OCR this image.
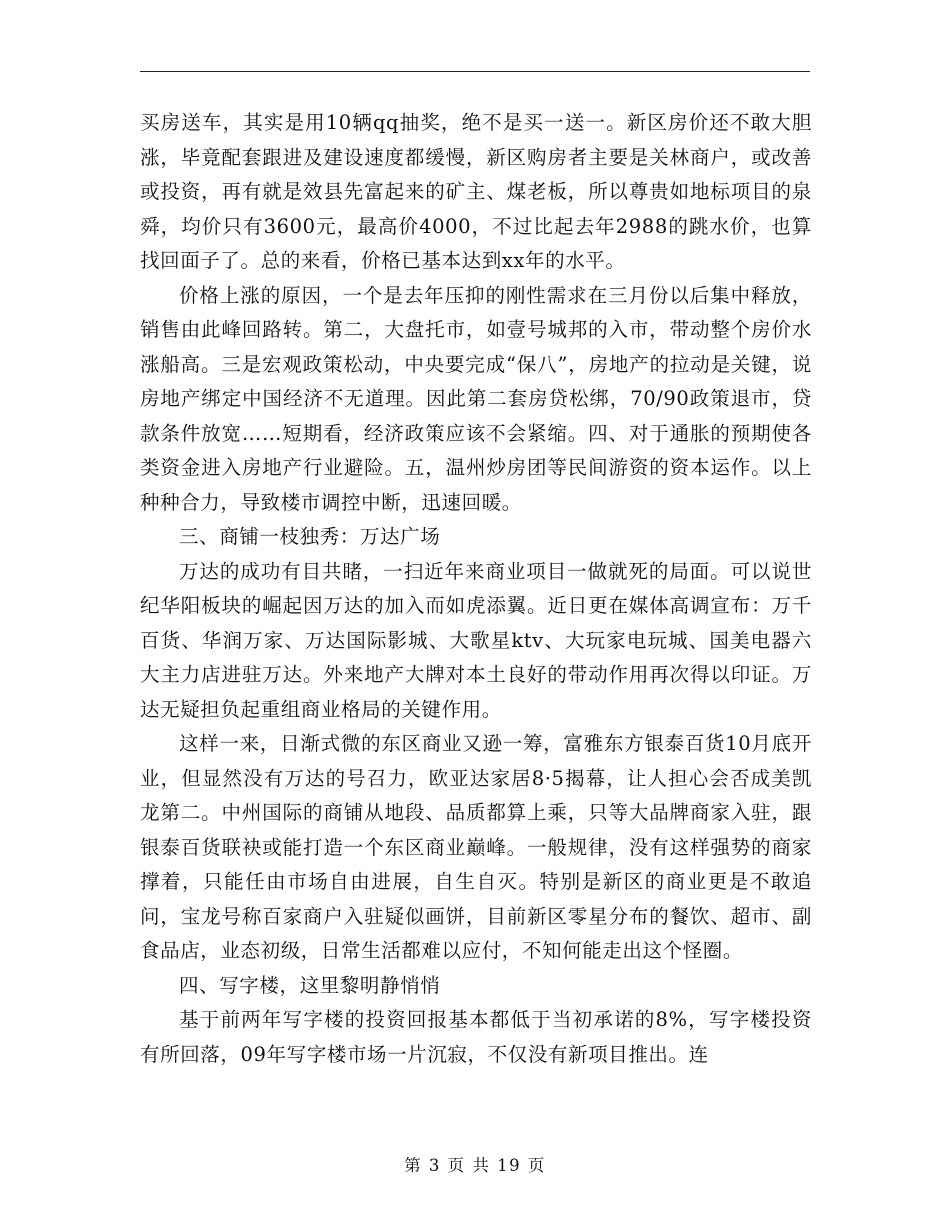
买房送车，其实是用10辆qq抽奖，绝不是买一送一。新区房价还不敢大胆涨，毕竟配套跟进及建设速度都缓慢，新区购房者主要是关林商户，或改善或投资，再有就是效县先富起来的矿主、煤老板，所以尊贵如地标项目的泉舜，均价只有3600元，最高价4000，不过比起去年2988的跳水价，也算找回面子了。总的来看，价格已基本达到xx年的水平。

价格上涨的原因，一个是去年压抑的刚性需求在三月份以后集中释放，销售由此峰回路转。第二，大盘托市，如壹号城邦的入市，带动整个房价水涨船高。三是宏观政策松动，中央要完成“保八”，房地产的拉动是关键，说房地产绑定中国经济不无道理。因此第二套房贷松绑，70/90政策退市，贷款条件放宽……短期看，经济政策应该不会紧缩。四、对于通胀的预期使各类资金进入房地产行业避险。五，温州炒房团等民间游资的资本运作。以上种种合力，导致楼市调控中断，迅速回暖。

三、商铺一枝独秀：万达广场

万达的成功有目共睹，一扫近年来商业项目一做就死的局面。可以说世纪华阳板块的崛起因万达的加入而如虎添翼。近日更在媒体高调宣布：万千百货、华润万家、万达国际影城、大歌星ktv、大玩家电玩城、国美电器六大主力店进驻万达。外来地产大牌对本土良好的带动作用再次得以印证。万达无疑担负起重组商业格局的关键作用。

这样一来，日渐式微的东区商业又逊一筹，富雅东方银泰百货10月底开业，但显然没有万达的号召力，欧亚达家居8·5揭幕，让人担心会否成美凯龙第二。中州国际的商铺从地段、品质都算上乘，只等大品牌商家入驻，跟银泰百货联袂或能打造一个东区商业巅峰。一般规律，没有这样强势的商家撑着，只能任由市场自由进展，自生自灭。特别是新区的商业更是不敢追问，宝龙号称百家商户入驻疑似画饼，目前新区零星分布的餐饮、超市、副食品店，业态初级，日常生活都难以应付，不知何能走出这个怪圈。

四、写字楼，这里黎明静悄悄

基于前两年写字楼的投资回报基本都低于当初承诺的8%，写字楼投资有所回落，09年写字楼市场一片沉寂，不仅没有新项目推出。连

第 3 页 共 19 页
